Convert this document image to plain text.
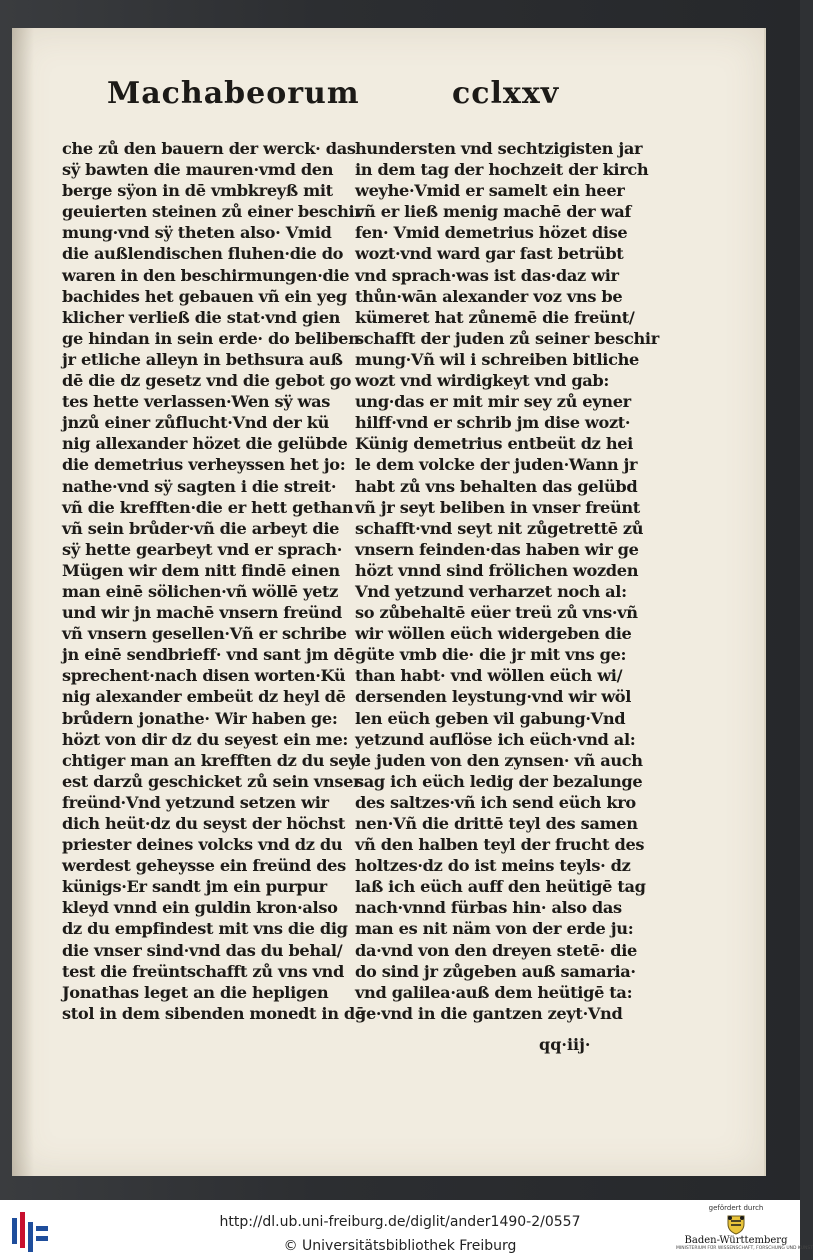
Machabeorum	cclxxv
che zů den bauern der werck· das
sÿ bawten die mauren·vmd den
berge sÿon in dē vmbkreyß mit
geuierten steinen zů einer beschir
mung·vnd sÿ theten also· Vmid
die außlendischen fluhen·die do
waren in den beschirmungen·die
bachides het gebauen vñ ein yeg
klicher verließ die stat·vnd gien
ge hindan in sein erde· do beliben
jr etliche alleyn in bethsura auß
dē die dz gesetz vnd die gebot go
tes hette verlassen·Wen sÿ was
jnzů einer zůflucht·Vnd der kü
nig allexander hözet die gelübde
die demetrius verheyssen het jo:
nathe·vnd sÿ sagten i die streit·
vñ die krefften·die er hett gethan
vñ sein brůder·vñ die arbeyt die
sÿ hette gearbeyt vnd er sprach·
Mügen wir dem nitt findē einen
man einē sölichen·vñ wöllē yetz
und wir jn machē vnsern freünd
vñ vnsern gesellen·Vñ er schribe
jn einē sendbrieff· vnd sant jm dē
sprechent·nach disen worten·Kü
nig alexander embeüt dz heyl dē
brůdern jonathe· Wir haben ge:
hözt von dir dz du seyest ein me:
chtiger man an krefften dz du sey
est darzů geschicket zů sein vnser
freünd·Vnd yetzund setzen wir
dich heüt·dz du seyst der höchst
priester deines volcks vnd dz du
werdest geheysse ein freünd des
künigs·Er sandt jm ein purpur
kleyd vnnd ein guldin kron·also
dz du empfindest mit vns die dig
die vnser sind·vnd das du behal/
test die freüntschafft zů vns vnd
Jonathas leget an die hepligen
stol in dem sibenden monedt in dē
hundersten vnd sechtzigisten jar
in dem tag der hochzeit der kirch
weyhe·Vmid er samelt ein heer
vñ er ließ menig machē der waf
fen· Vmid demetrius hözet dise
wozt·vnd ward gar fast betrübt
vnd sprach·was ist das·daz wir
thůn·wān alexander voz vns be
kümeret hat zůnemē die freünt/
schafft der juden zů seiner beschir
mung·Vñ wil i schreiben bitliche
wozt vnd wirdigkeyt vnd gab:
ung·das er mit mir sey zů eyner
hilff·vnd er schrib jm dise wozt·
Künig demetrius entbeüt dz hei
le dem volcke der juden·Wann jr
habt zů vns behalten das gelübd
vñ jr seyt beliben in vnser freünt
schafft·vnd seyt nit zůgetrettē zů
vnsern feinden·das haben wir ge
hözt vnnd sind frölichen wozden
Vnd yetzund verharzet noch al:
so zůbehaltē eüer treü zů vns·vñ
wir wöllen eüch widergeben die
güte vmb die· die jr mit vns ge:
than habt· vnd wöllen eüch wi/
dersenden leystung·vnd wir wöl
len eüch geben vil gabung·Vnd
yetzund auflöse ich eüch·vnd al:
le juden von den zynsen· vñ auch
sag ich eüch ledig der bezalunge
des saltzes·vñ ich send eüch kro
nen·Vñ die drittē teyl des samen
vñ den halben teyl der frucht des
holtzes·dz do ist meins teyls· dz
laß ich eüch auff den heütigē tag
nach·vnnd fürbas hin· also das
man es nit näm von der erde ju:
da·vnd von den dreyen stetē· die
do sind jr zůgeben auß samaria·
vnd galilea·auß dem heütigē ta:
ge·vnd in die gantzen zeyt·Vnd
qq·iij·
http://dl.ub.uni-freiburg.de/diglit/ander1490-2/0557
© Universitätsbibliothek Freiburg
gefördert durch
Baden-Württemberg
MINISTERIUM FÜR WISSENSCHAFT, FORSCHUNG UND KUNST
